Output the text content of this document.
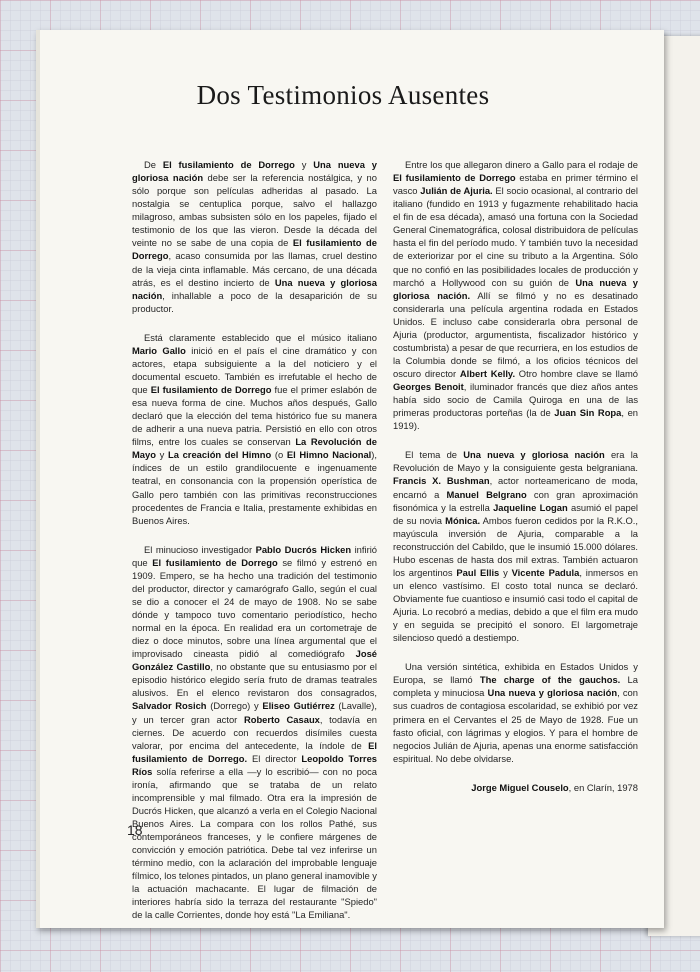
Dos Testimonios Ausentes

De El fusilamiento de Dorrego y Una nueva y gloriosa nación debe ser la referencia nostálgica, y no sólo porque son películas adheridas al pasado. La nostalgia se centuplica porque, salvo el hallazgo milagroso, ambas subsisten sólo en los papeles, fijado el testimonio de los que las vieron. Desde la década del veinte no se sabe de una copia de El fusilamiento de Dorrego, acaso consumida por las llamas, cruel destino de la vieja cinta inflamable. Más cercano, de una década atrás, es el destino incierto de Una nueva y gloriosa nación, inhallable a poco de la desaparición de su productor.

Está claramente establecido que el músico italiano Mario Gallo inició en el país el cine dramático y con actores, etapa subsiguiente a la del noticiero y el documental escueto. También es irrefutable el hecho de que El fusilamiento de Dorrego fue el primer eslabón de esa nueva forma de cine. Muchos años después, Gallo declaró que la elección del tema histórico fue su manera de adherir a una nueva patria. Persistió en ello con otros films, entre los cuales se conservan La Revolución de Mayo y La creación del Himno (o El Himno Nacional), índices de un estilo grandilocuente e ingenuamente teatral, en consonancia con la propensión operística de Gallo pero también con las primitivas reconstrucciones procedentes de Francia e Italia, prestamente exhibidas en Buenos Aires.

El minucioso investigador Pablo Ducrós Hicken infirió que El fusilamiento de Dorrego se filmó y estrenó en 1909. Empero, se ha hecho una tradición del testimonio del productor, director y camarógrafo Gallo, según el cual se dio a conocer el 24 de mayo de 1908. No se sabe dónde y tampoco tuvo comentario periodístico, hecho normal en la época. En realidad era un cortometraje de diez o doce minutos, sobre una línea argumental que el improvisado cineasta pidió al comediógrafo José González Castillo, no obstante que su entusiasmo por el episodio histórico elegido sería fruto de dramas teatrales alusivos. En el elenco revistaron dos consagrados, Salvador Rosich (Dorrego) y Eliseo Gutiérrez (Lavalle), y un tercer gran actor Roberto Casaux, todavía en ciernes. De acuerdo con recuerdos disímiles cuesta valorar, por encima del antecedente, la índole de El fusilamiento de Dorrego. El director Leopoldo Torres Ríos solía referirse a ella —y lo escribió— con no poca ironía, afirmando que se trataba de un relato incomprensible y mal filmado. Otra era la impresión de Ducrós Hicken, que alcanzó a verla en el Colegio Nacional Buenos Aires. La compara con los rollos Pathé, sus contemporáneos franceses, y le confiere márgenes de convicción y emoción patriótica. Debe tal vez inferirse un término medio, con la aclaración del improbable lenguaje fílmico, los telones pintados, un plano general inamovible y la actuación machacante. El lugar de filmación de interiores habría sido la terraza del restaurante "Spiedo" de la calle Corrientes, donde hoy está "La Emiliana".

Entre los que allegaron dinero a Gallo para el rodaje de El fusilamiento de Dorrego estaba en primer término el vasco Julián de Ajuria. El socio ocasional, al contrario del italiano (fundido en 1913 y fugazmente rehabilitado hacia el fin de esa década), amasó una fortuna con la Sociedad General Cinematográfica, colosal distribuidora de películas hasta el fin del período mudo. Y también tuvo la necesidad de exteriorizar por el cine su tributo a la Argentina. Sólo que no confió en las posibilidades locales de producción y marchó a Hollywood con su guión de Una nueva y gloriosa nación. Allí se filmó y no es desatinado considerarla una película argentina rodada en Estados Unidos. E incluso cabe considerarla obra personal de Ajuria (productor, argumentista, fiscalizador histórico y costumbrista) a pesar de que recurriera, en los estudios de la Columbia donde se filmó, a los oficios técnicos del oscuro director Albert Kelly. Otro hombre clave se llamó Georges Benoit, iluminador francés que diez años antes había sido socio de Camila Quiroga en una de las primeras productoras porteñas (la de Juan Sin Ropa, en 1919).

El tema de Una nueva y gloriosa nación era la Revolución de Mayo y la consiguiente gesta belgraniana. Francis X. Bushman, actor norteamericano de moda, encarnó a Manuel Belgrano con gran aproximación fisonómica y la estrella Jaqueline Logan asumió el papel de su novia Mónica. Ambos fueron cedidos por la R.K.O., mayúscula inversión de Ajuria, comparable a la reconstrucción del Cabildo, que le insumió 15.000 dólares. Hubo escenas de hasta dos mil extras. También actuaron los argentinos Paul Ellis y Vicente Padula, inmersos en un elenco vastísimo. El costo total nunca se declaró. Obviamente fue cuantioso e insumió casi todo el capital de Ajuria. Lo recobró a medias, debido a que el film era mudo y en seguida se precipitó el sonoro. El largometraje silencioso quedó a destiempo.

Una versión sintética, exhibida en Estados Unidos y Europa, se llamó The charge of the gauchos. La completa y minuciosa Una nueva y gloriosa nación, con sus cuadros de contagiosa escolaridad, se exhibió por vez primera en el Cervantes el 25 de Mayo de 1928. Fue un fasto oficial, con lágrimas y elogios. Y para el hombre de negocios Julián de Ajuria, apenas una enorme satisfacción espiritual. No debe olvidarse.

Jorge Miguel Couselo, en Clarín, 1978
18
